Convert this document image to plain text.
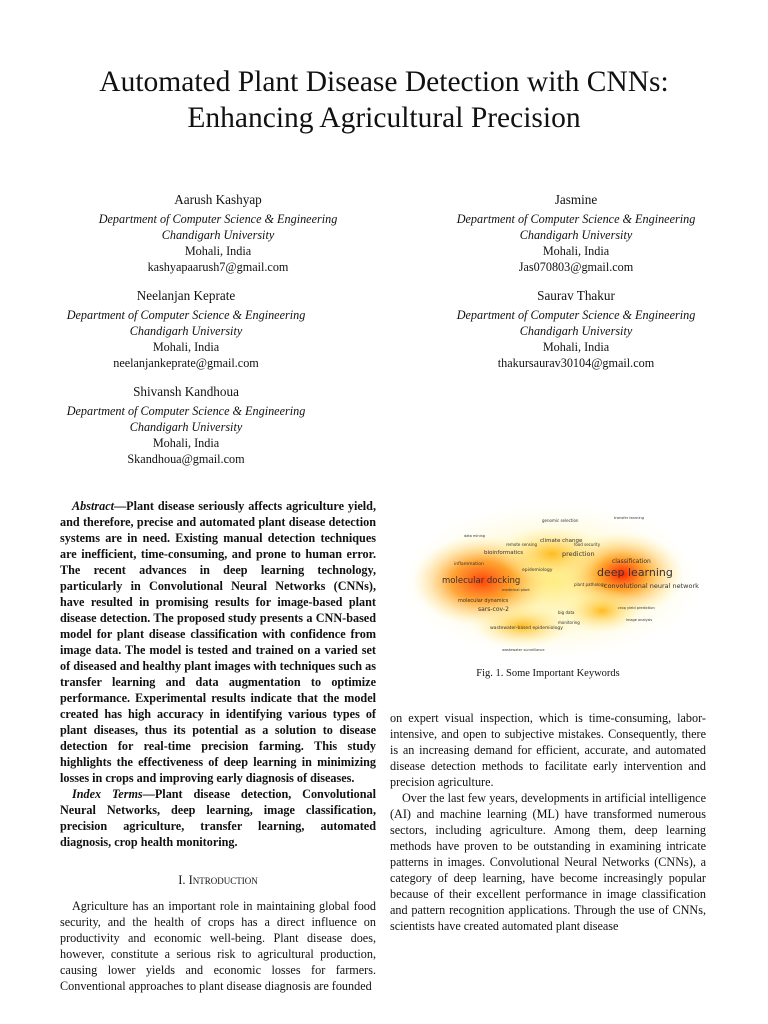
Automated Plant Disease Detection with CNNs:
Enhancing Agricultural Precision
Aarush Kashyap
Department of Computer Science & Engineering
Chandigarh University
Mohali, India
kashyapaarush7@gmail.com
Jasmine
Department of Computer Science & Engineering
Chandigarh University
Mohali, India
Jas070803@gmail.com
Neelanjan Keprate
Department of Computer Science & Engineering
Chandigarh University
Mohali, India
neelanjankeprate@gmail.com
Saurav Thakur
Department of Computer Science & Engineering
Chandigarh University
Mohali, India
thakursaurav30104@gmail.com
Shivansh Kandhoua
Department of Computer Science & Engineering
Chandigarh University
Mohali, India
Skandhoua@gmail.com

Abstract—Plant disease seriously affects agriculture yield, and therefore, precise and automated plant disease detection systems are in need. Existing manual detection techniques are inefficient, time-consuming, and prone to human error. The recent advances in deep learning technology, particularly in Convolutional Neural Networks (CNNs), have resulted in promising results for image-based plant disease detection. The proposed study presents a CNN-based model for plant disease classification with confidence from image data. The model is tested and trained on a varied set of diseased and healthy plant images with techniques such as transfer learning and data augmentation to optimize performance. Experimental results indicate that the model created has high accuracy in identifying various types of plant diseases, thus its potential as a solution to disease detection for real-time precision farming. This study highlights the effectiveness of deep learning in minimizing losses in crops and improving early diagnosis of diseases.

Index Terms—Plant disease detection, Convolutional Neural Networks, deep learning, image classification, precision agriculture, transfer learning, automated diagnosis, crop health monitoring.

I. Introduction

Agriculture has an important role in maintaining global food security, and the health of crops has a direct influence on productivity and economic well-being. Plant disease does, however, constitute a serious risk to agricultural production, causing lower yields and economic losses for farmers. Conventional approaches to plant disease diagnosis are founded

deep learning
molecular docking	convolutional neural network
prediction
classification
climate change
sars-cov-2
bioinformatics
molecular dynamics
inflammation
epidemiology
wastewater-based epidemiology
genomic selection
food security
plant pathology
big data
monitoring
remote sensing
crop yield prediction
transfer learning
medicinal plant
wastewater surveillance
image analysis
data mining
Fig. 1. Some Important Keywords

on expert visual inspection, which is time-consuming, labor-intensive, and open to subjective mistakes. Consequently, there is an increasing demand for efficient, accurate, and automated disease detection methods to facilitate early intervention and precision agriculture.

Over the last few years, developments in artificial intelligence (AI) and machine learning (ML) have transformed numerous sectors, including agriculture. Among them, deep learning methods have proven to be outstanding in examining intricate patterns in images. Convolutional Neural Networks (CNNs), a category of deep learning, have become increasingly popular because of their excellent performance in image classification and pattern recognition applications. Through the use of CNNs, scientists have created automated plant disease
